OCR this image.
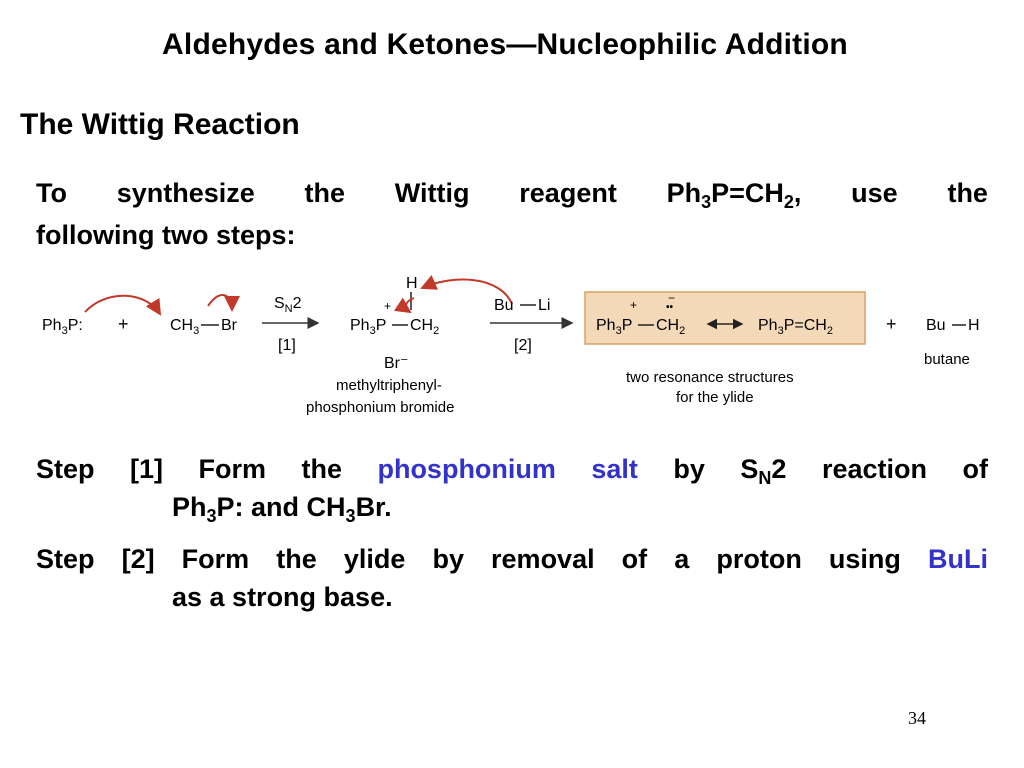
Aldehydes and Ketones—Nucleophilic Addition
The Wittig Reaction
To synthesize the Wittig reagent $Ph_3P=CH_2$, use the
following two steps:
$Ph_3P$: +	$CH_3$ Br
$S_N2$
[1]
H
+
$Ph_3P$ $CH_2$
Br⁻
methyltriphenyl-
phosphonium bromide
Bu Li
[2]
+	−
••
$Ph_3P$ $CH_2$	$Ph_3P=CH_2$
two resonance structures
for the ylide
+ Bu H
butane
Step [1] Form the phosphonium salt by $S_N2$ reaction of
$Ph_3P$: and $CH_3Br$.
Step [2] Form the ylide by removal of a proton using BuLi
as a strong base.
34
